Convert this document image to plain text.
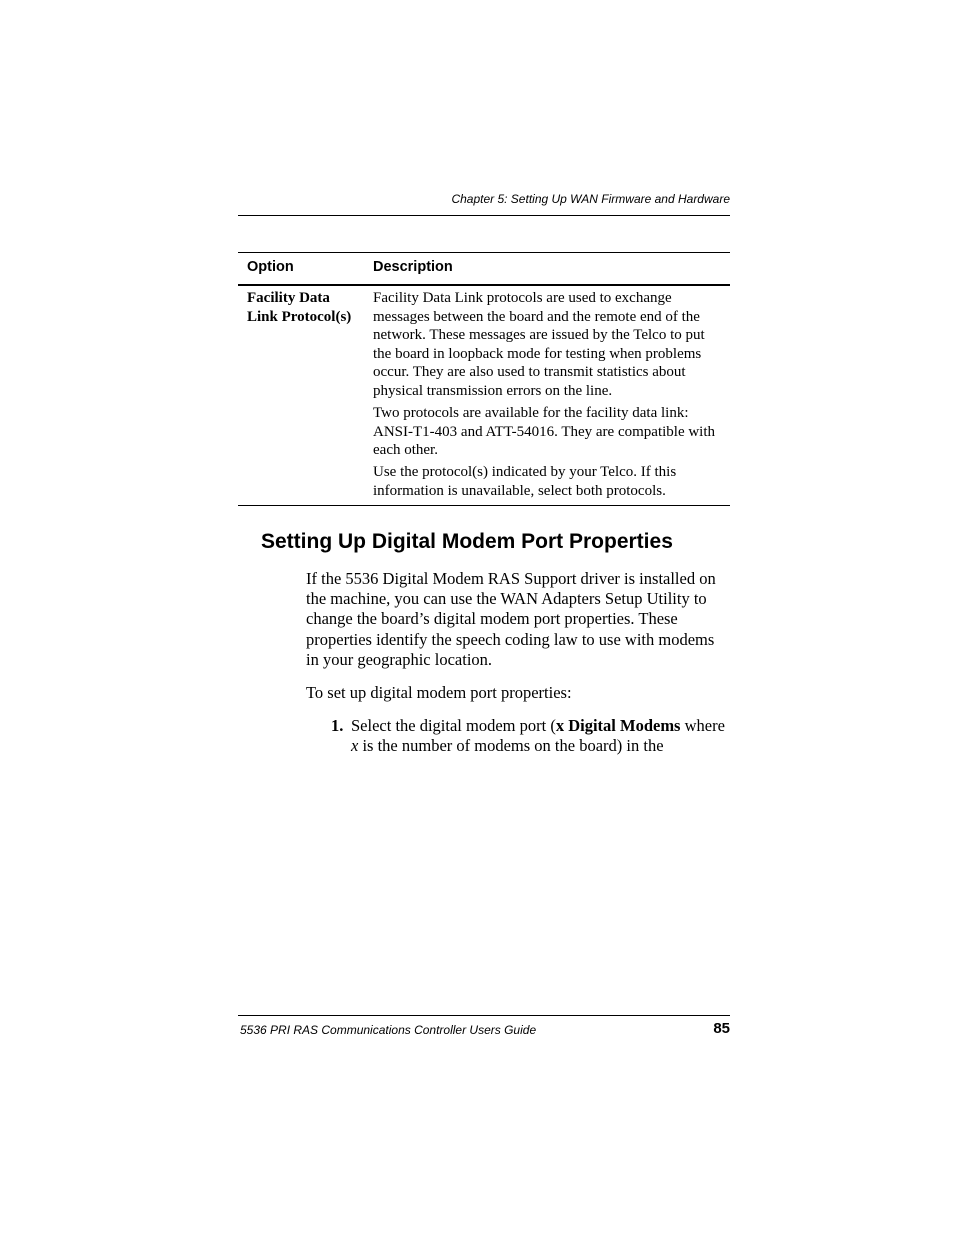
Chapter 5: Setting Up WAN Firmware and Hardware
Option	Description
Facility Data
Link Protocol(s)
Facility Data Link protocols are used to exchange messages between the board and the remote end of the network. These messages are issued by the Telco to put the board in loopback mode for testing when problems occur. They are also used to transmit statistics about physical transmission errors on the line.
Two protocols are available for the facility data link: ANSI-T1-403 and ATT-54016. They are compatible with each other.
Use the protocol(s) indicated by your Telco. If this information is unavailable, select both protocols.
Setting Up Digital Modem Port Properties
If the 5536 Digital Modem RAS Support driver is installed on the machine, you can use the WAN Adapters Setup Utility to change the board’s digital modem port properties. These properties identify the speech coding law to use with modems in your geographic location.
To set up digital modem port properties:
1. Select the digital modem port (x Digital Modems where x is the number of modems on the board) in the
5536 PRI RAS Communications Controller Users Guide	85
